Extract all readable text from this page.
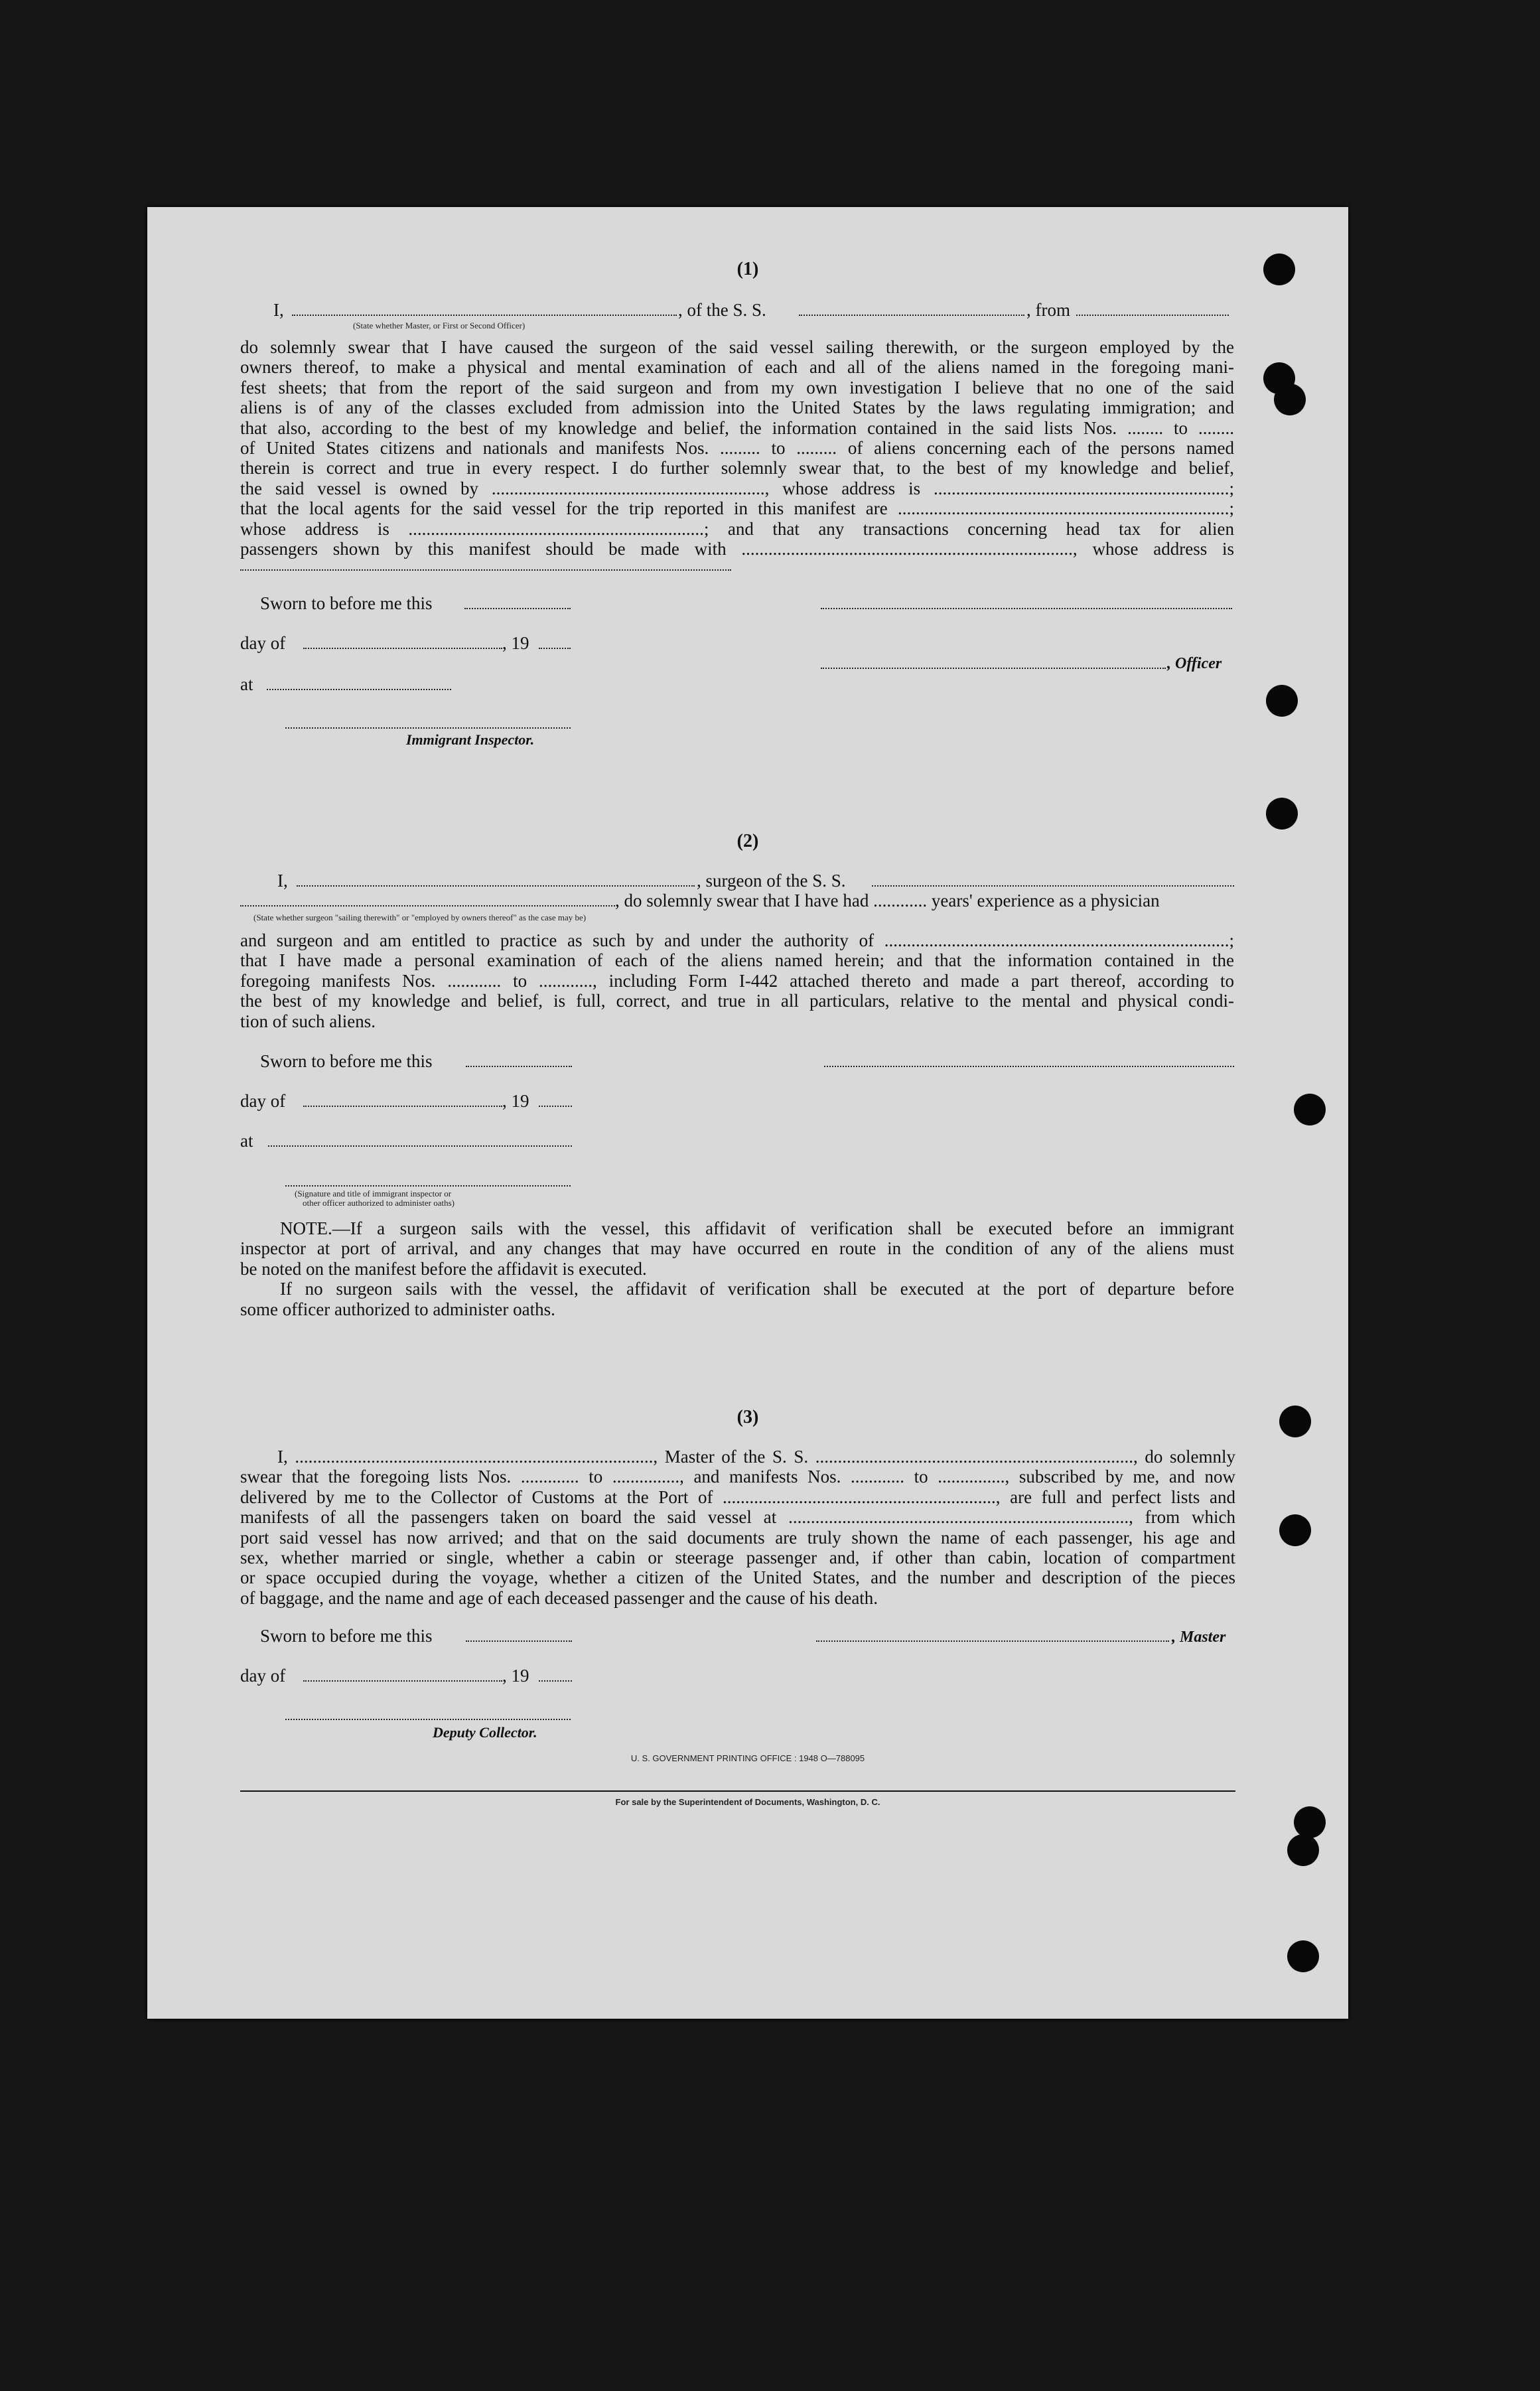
(1)
I,	, of the S. S.	, from
(State whether Master, or First or Second Officer)
do solemnly swear that I have caused the surgeon of the said vessel sailing therewith, or the surgeon employed by the
owners thereof, to make a physical and mental examination of each and all of the aliens named in the foregoing mani-
fest sheets; that from the report of the said surgeon and from my own investigation I believe that no one of the said
aliens is of any of the classes excluded from admission into the United States by the laws regulating immigration; and
that also, according to the best of my knowledge and belief, the information contained in the said lists Nos. ........ to ........
of United States citizens and nationals and manifests Nos. ......... to ......... of aliens concerning each of the persons named
therein is correct and true in every respect. I do further solemnly swear that, to the best of my knowledge and belief,
the said vessel is owned by ............................................................., whose address is ..................................................................;
that the local agents for the said vessel for the trip reported in this manifest are ..........................................................................;
whose address is ..................................................................; and that any transactions concerning head tax for alien
passengers shown by this manifest should be made with .........................................................................., whose address is
Sworn to before me this
day of	, 19
, Officer
at
Immigrant Inspector.
(2)
I,	, surgeon of the S. S.
, do solemnly swear that I have had ............ years' experience as a physician
(State whether surgeon "sailing therewith" or "employed by owners thereof" as the case may be)
and surgeon and am entitled to practice as such by and under the authority of .............................................................................;
that I have made a personal examination of each of the aliens named herein; and that the information contained in the
foregoing manifests Nos. ............ to ............, including Form I-442 attached thereto and made a part thereof, according to
the best of my knowledge and belief, is full, correct, and true in all particulars, relative to the mental and physical condi-
tion of such aliens.
Sworn to before me this
day of	, 19
at
(Signature and title of immigrant inspector or
other officer authorized to administer oaths)
NOTE.—If a surgeon sails with the vessel, this affidavit of verification shall be executed before an immigrant
inspector at port of arrival, and any changes that may have occurred en route in the condition of any of the aliens must
be noted on the manifest before the affidavit is executed.
If no surgeon sails with the vessel, the affidavit of verification shall be executed at the port of departure before
some officer authorized to administer oaths.
(3)
I, ................................................................................, Master of the S. S. ......................................................................., do solemnly
swear that the foregoing lists Nos. ............. to ..............., and manifests Nos. ............ to ..............., subscribed by me, and now
delivered by me to the Collector of Customs at the Port of ............................................................., are full and perfect lists and
manifests of all the passengers taken on board the said vessel at ............................................................................, from which
port said vessel has now arrived; and that on the said documents are truly shown the name of each passenger, his age and
sex, whether married or single, whether a cabin or steerage passenger and, if other than cabin, location of compartment
or space occupied during the voyage, whether a citizen of the United States, and the number and description of the pieces
of baggage, and the name and age of each deceased passenger and the cause of his death.
Sworn to before me this	, Master
day of	, 19
Deputy Collector.
U. S. GOVERNMENT PRINTING OFFICE : 1948 O—788095
For sale by the Superintendent of Documents, Washington, D. C.
